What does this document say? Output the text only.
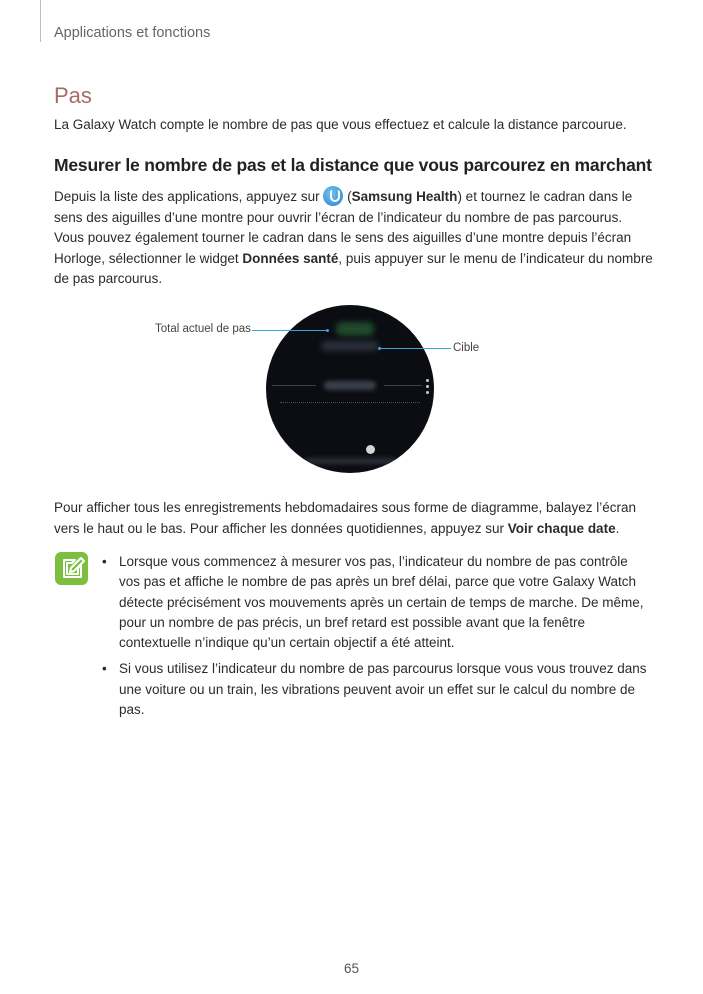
Applications et fonctions
Pas
La Galaxy Watch compte le nombre de pas que vous effectuez et calcule la distance parcourue.
Mesurer le nombre de pas et la distance que vous parcourez en marchant
Depuis la liste des applications, appuyez sur  (Samsung Health) et tournez le cadran dans le sens des aiguilles d’une montre pour ouvrir l’écran de l’indicateur du nombre de pas parcourus. Vous pouvez également tourner le cadran dans le sens des aiguilles d’une montre depuis l’écran Horloge, sélectionner le widget Données santé, puis appuyer sur le menu de l’indicateur du nombre de pas parcourus.
Total actuel de pas
Cible
Pour afficher tous les enregistrements hebdomadaires sous forme de diagramme, balayez l’écran vers le haut ou le bas. Pour afficher les données quotidiennes, appuyez sur Voir chaque date.
• Lorsque vous commencez à mesurer vos pas, l’indicateur du nombre de pas contrôle vos pas et affiche le nombre de pas après un bref délai, parce que votre Galaxy Watch détecte précisément vos mouvements après un certain de temps de marche. De même, pour un nombre de pas précis, un bref retard est possible avant que la fenêtre contextuelle n’indique qu’un certain objectif a été atteint.
• Si vous utilisez l’indicateur du nombre de pas parcourus lorsque vous vous trouvez dans une voiture ou un train, les vibrations peuvent avoir un effet sur le calcul du nombre de pas.
65
